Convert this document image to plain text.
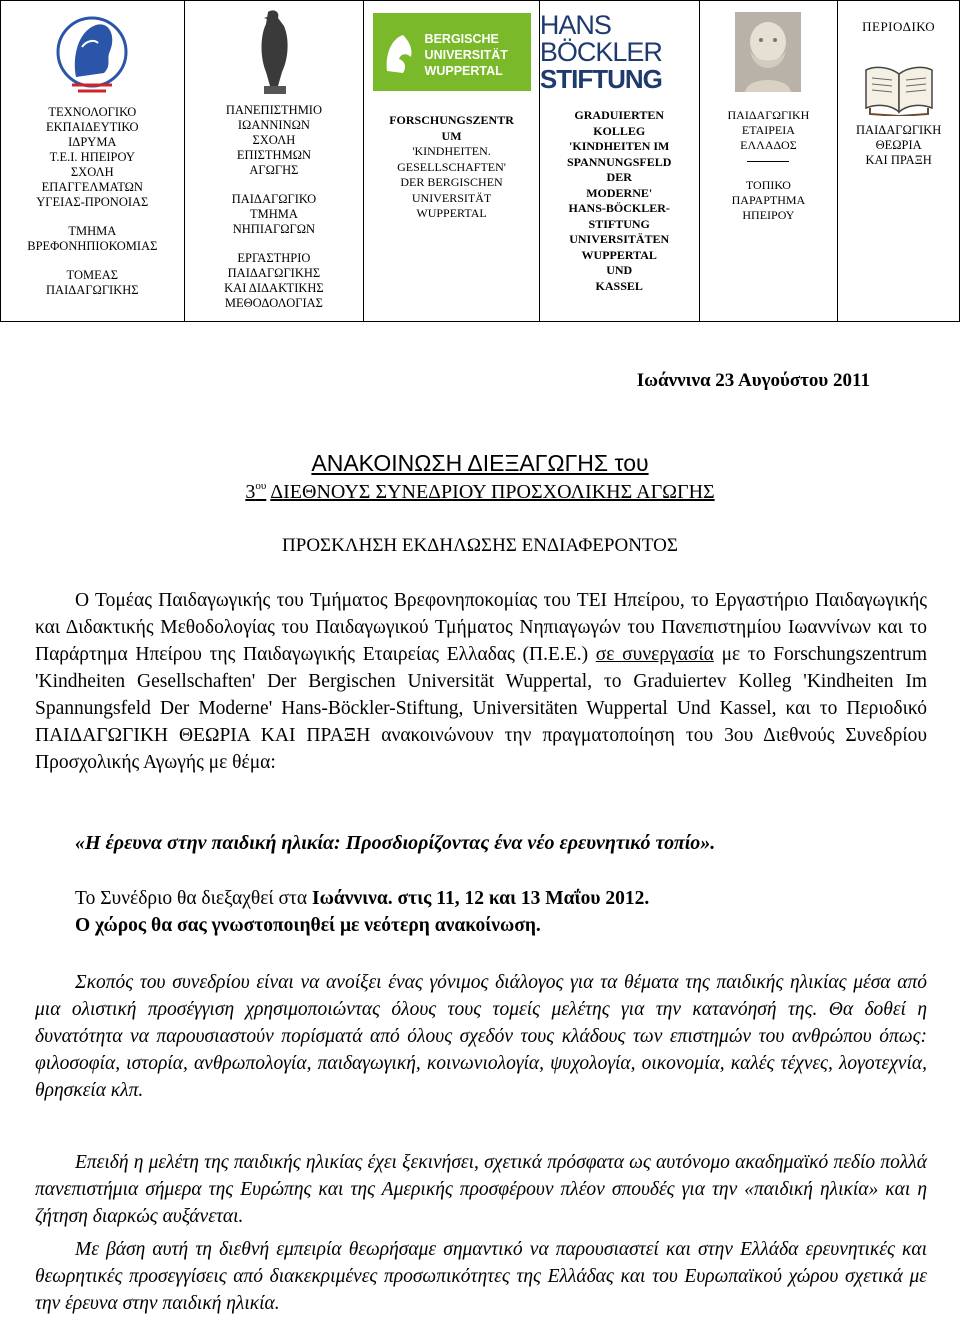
ΤΕΧΝΟΛΟΓΙΚΟ

ΕΚΠΑΙΔΕΥΤΙΚΟ

ΙΔΡΥΜΑ

Τ.Ε.Ι. ΗΠΕΙΡΟΥ

ΣΧΟΛΗ

ΕΠΑΓΓΕΛΜΑΤΩΝ

ΥΓΕΙΑΣ-ΠΡΟΝΟΙΑΣ

ΤΜΗΜΑ

ΒΡΕΦΟΝΗΠΙΟΚΟΜΙΑΣ

ΤΟΜΕΑΣ

ΠΑΙΔΑΓΩΓΙΚΗΣ

ΠΑΝΕΠΙΣΤΗΜΙΟ

ΙΩΑΝΝΙΝΩΝ

ΣΧΟΛΗ

ΕΠΙΣΤΗΜΩΝ

ΑΓΩΓΗΣ

ΠΑΙΔΑΓΩΓΙΚΟ

ΤΜΗΜΑ

ΝΗΠΙΑΓΩΓΩΝ

ΕΡΓΑΣΤΗΡΙΟ

ΠΑΙΔΑΓΩΓΙΚΗΣ

ΚΑΙ ΔΙΔΑΚΤΙΚΗΣ

ΜΕΘΟΔΟΛΟΓΙΑΣ

BERGISCHE
UNIVERSITÄT
WUPPERTAL

FORSCHUNGSZENTR

UM

'KINDHEITEN.

GESELLSCHAFTEN'

DER BERGISCHEN

UNIVERSITÄT

WUPPERTAL

HANS BÖCKLER
STIFTUNG

GRADUIERTEN

KOLLEG

'KINDHEITEN IM

SPANNUNGSFELD

DER

MODERNE'

HANS-BÖCKLER-

STIFTUNG

UNIVERSITÄTEN

WUPPERTAL

UND

KASSEL

ΠΑΙΔΑΓΩΓΙΚΗ

ΕΤΑΙΡΕΙΑ

ΕΛΛΑΔΟΣ

ΤΟΠΙΚΟ

ΠΑΡΑΡΤΗΜΑ

ΗΠΕΙΡΟΥ

ΠΕΡΙΟΔΙΚΟ

ΠΑΙΔΑΓΩΓΙΚΗ

ΘΕΩΡΙΑ

ΚΑΙ ΠΡΑΞΗ

Ιωάννινα 23 Αυγούστου 2011
ΑΝΑΚΟΙΝΩΣΗ ΔΙΕΞΑΓΩΓΗΣ του
$3^{o\upsilon}$ ΔΙΕΘΝΟΥΣ ΣΥΝΕΔΡΙΟΥ ΠΡΟΣΧΟΛΙΚΗΣ ΑΓΩΓΗΣ
ΠΡΟΣΚΛΗΣΗ ΕΚΔΗΛΩΣΗΣ ΕΝΔΙΑΦΕΡΟΝΤΟΣ
Ο Τομέας Παιδαγωγικής του Τμήματος Βρεφονηποκομίας του ΤΕΙ Ηπείρου, το Εργαστήριο Παιδαγωγικής και Διδακτικής Μεθοδολογίας του Παιδαγωγικού Τμήματος Νηπιαγωγών του Πανεπιστημίου Ιωαννίνων και το Παράρτημα Ηπείρου της Παιδαγωγικής Εταιρείας Ελλαδας (Π.Ε.Ε.) σε συνεργασία με το Forschungszentrum 'Kindheiten Gesellschaften' Der Bergischen Universität Wuppertal, το Graduiertev Kolleg 'Kindheiten Im Spannungsfeld Der Moderne' Hans-Böckler-Stiftung, Universitäten Wuppertal Und Kassel, και το Περιοδικό ΠΑΙΔΑΓΩΓΙΚΗ ΘΕΩΡΙΑ ΚΑΙ ΠΡΑΞΗ ανακοινώνουν την πραγματοποίηση του 3ου Διεθνούς Συνεδρίου Προσχολικής Αγωγής με θέμα:
«Η έρευνα στην παιδική ηλικία: Προσδιορίζοντας ένα νέο ερευνητικό τοπίο».
Το Συνέδριο θα διεξαχθεί στα Ιωάννινα. στις 11, 12 και 13 Μαΐου 2012.
Ο χώρος θα σας γνωστοποιηθεί με νεότερη ανακοίνωση.
Σκοπός του συνεδρίου είναι να ανοίξει ένας γόνιμος διάλογος για τα θέματα της παιδικής ηλικίας μέσα από μια ολιστική προσέγγιση χρησιμοποιώντας όλους τους τομείς μελέτης για την κατανόησή της. Θα δοθεί η δυνατότητα να παρουσιαστούν πορίσματά από όλους σχεδόν τους κλάδους των επιστημών του ανθρώπου όπως: φιλοσοφία, ιστορία, ανθρωπολογία, παιδαγωγική, κοινωνιολογία, ψυχολογία, οικονομία, καλές τέχνες, λογοτεχνία, θρησκεία κλπ.
Επειδή η μελέτη της παιδικής ηλικίας έχει ξεκινήσει, σχετικά πρόσφατα ως αυτόνομο ακαδημαϊκό πεδίο πολλά πανεπιστήμια σήμερα της Ευρώπης και της Αμερικής προσφέρουν πλέον σπουδές για την «παιδική ηλικία» και η ζήτηση διαρκώς αυξάνεται.
Με βάση αυτή τη διεθνή εμπειρία θεωρήσαμε σημαντικό να παρουσιαστεί και στην Ελλάδα ερευνητικές και θεωρητικές προσεγγίσεις από διακεκριμένες προσωπικότητες της Ελλάδας και του Ευρωπαϊκού χώρου σχετικά με την έρευνα στην παιδική ηλικία.
